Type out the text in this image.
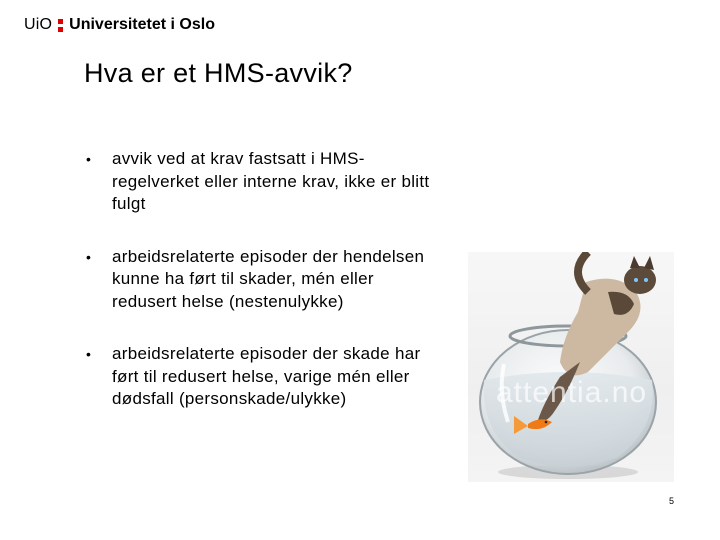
UiO Universitetet i Oslo
Hva er et HMS-avvik?
•	avvik ved at krav fastsatt i HMS-regelverket eller interne krav, ikke er blitt fulgt
•	arbeidsrelaterte episoder der hendelsen kunne ha ført til skader, mén eller redusert helse (nestenulykke)
•	arbeidsrelaterte episoder der skade har ført til redusert helse, varige mén eller dødsfall (personskade/ulykke)	attentia.no
5
